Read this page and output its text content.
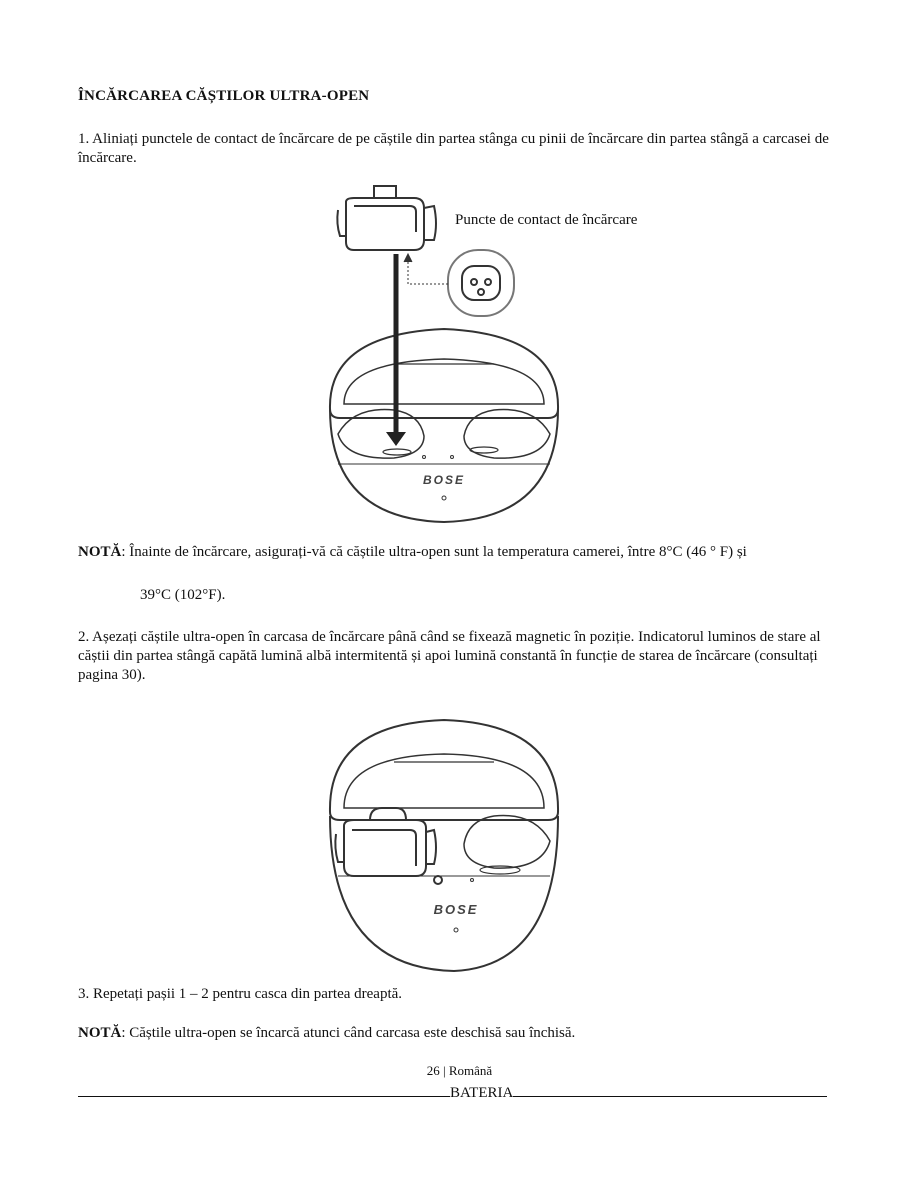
ÎNCĂRCAREA CĂȘTILOR ULTRA-OPEN
1. Aliniați punctele de contact de încărcare de pe căștile din partea stânga cu pinii de încărcare din partea stângă a carcasei de încărcare.
BOSE
Puncte de contact de încărcare
NOTĂ: Înainte de încărcare, asigurați-vă că căștile ultra-open sunt la temperatura camerei, între 8°C (46 ° F) și
39°C (102°F).
2. Așezați căștile ultra-open în carcasa de încărcare până când se fixează magnetic în poziție. Indicatorul luminos de stare al căștii din partea stângă capătă lumină albă intermitentă și apoi lumină constantă în funcție de starea de încărcare (consultați pagina 30).
BOSE
3. Repetați pașii 1 – 2 pentru casca din partea dreaptă.
NOTĂ: Căștile ultra-open se încarcă atunci când carcasa este deschisă sau închisă.
26 | Română
BATERIA
